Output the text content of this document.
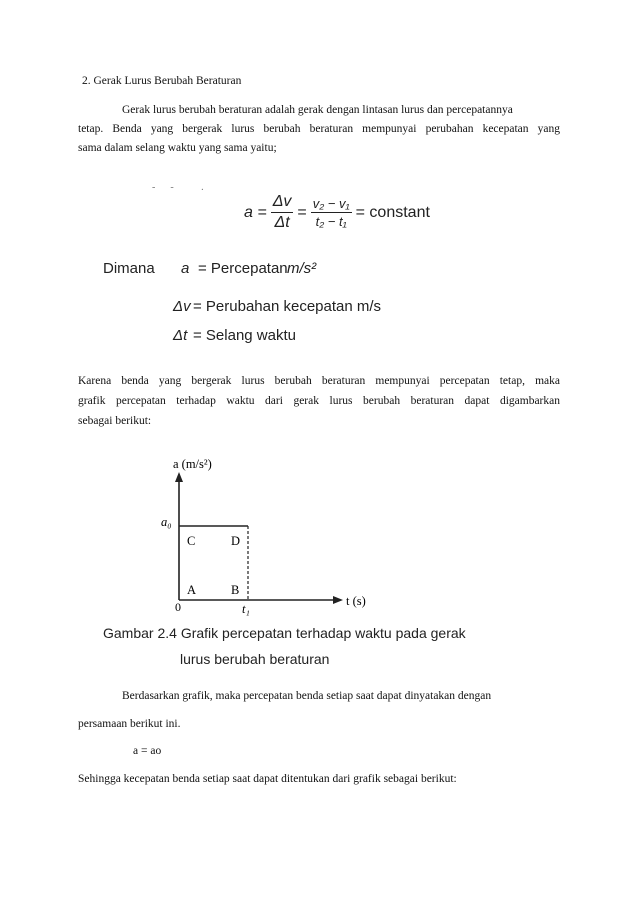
2. Gerak Lurus Berubah Beraturan
Gerak lurus berubah beraturan adalah gerak dengan lintasan lurus dan percepatannya
tetap. Benda yang bergerak lurus berubah beraturan mempunyai perubahan kecepatan yang
sama dalam selang waktu yang sama yaitu;
-      -           .
$a = \frac{\Delta v}{\Delta t} = \frac{\text{v₂ − v₁}}{\text{t₂ − t₁}}$ = constant
Dimana a = Percepatan m/s²
Δv = Perubahan kecepatan m/s
Δt = Selang waktu
Karena benda yang bergerak lurus berubah beraturan mempunyai percepatan tetap, maka
grafik percepatan terhadap waktu dari gerak lurus berubah beraturan dapat digambarkan
sebagai berikut:
a (m/s²)
t (s)
a₀
t₁
0
A	B
C	D
Gambar 2.4 Grafik percepatan terhadap waktu pada gerak
lurus berubah beraturan
Berdasarkan grafik, maka percepatan benda setiap saat dapat dinyatakan dengan
persamaan berikut ini.
a = ao
Sehingga kecepatan benda setiap saat dapat ditentukan dari grafik sebagai berikut:
